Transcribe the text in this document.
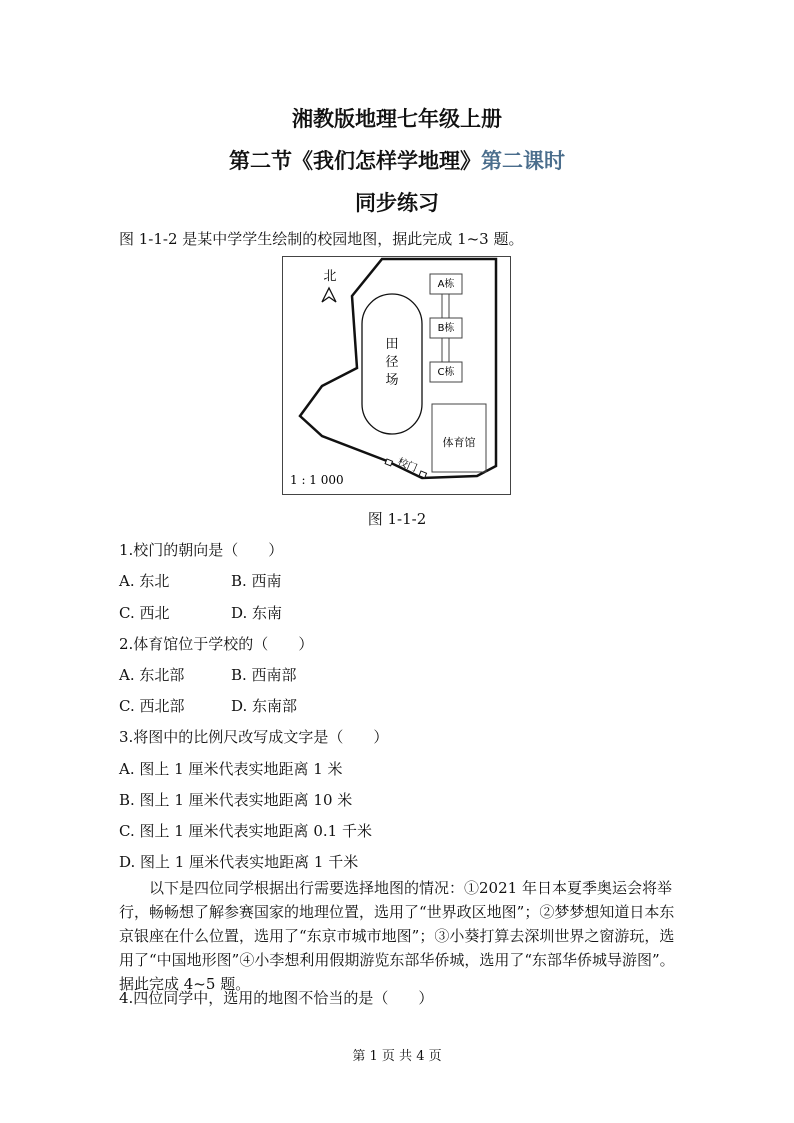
湘教版地理七年级上册
第二节《我们怎样学地理》第二课时
同步练习
图 1-1-2 是某中学学生绘制的校园地图，据此完成 1~3 题。
北
田
径
场
A栋
B栋
C栋
体育馆
校门
1 : 1 000
图 1-1-2
1.校门的朝向是（　　）
A. 东北	B. 西南
C. 西北	D. 东南
2.体育馆位于学校的（　　）
A. 东北部	B. 西南部
C. 西北部	D. 东南部
3.将图中的比例尺改写成文字是（　　）
A. 图上 1 厘米代表实地距离 1 米
B. 图上 1 厘米代表实地距离 10 米
C. 图上 1 厘米代表实地距离 0.1 千米
D. 图上 1 厘米代表实地距离 1 千米
以下是四位同学根据出行需要选择地图的情况：①2021 年日本夏季奥运会将举行，畅畅想了解参赛国家的地理位置，选用了“世界政区地图”；②梦梦想知道日本东京银座在什么位置，选用了“东京市城市地图”；③小葵打算去深圳世界之窗游玩，选用了“中国地形图”④小李想利用假期游览东部华侨城，选用了“东部华侨城导游图”。据此完成 4~5 题。
4.四位同学中，选用的地图不恰当的是（　　）
第 1 页 共 4 页
